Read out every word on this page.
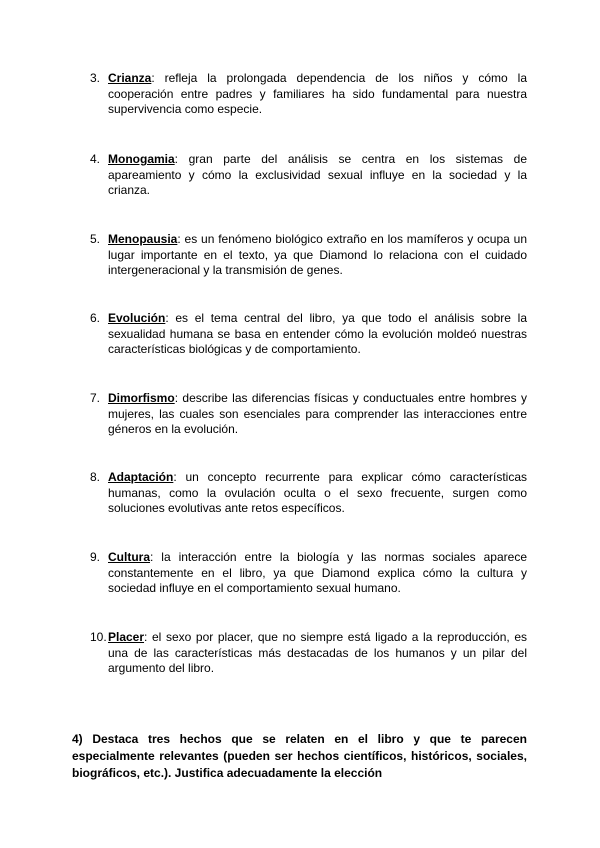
3. Crianza: refleja la prolongada dependencia de los niños y cómo la cooperación entre padres y familiares ha sido fundamental para nuestra supervivencia como especie.
4. Monogamia: gran parte del análisis se centra en los sistemas de apareamiento y cómo la exclusividad sexual influye en la sociedad y la crianza.
5. Menopausia: es un fenómeno biológico extraño en los mamíferos y ocupa un lugar importante en el texto, ya que Diamond lo relaciona con el cuidado intergeneracional y la transmisión de genes.
6. Evolución: es el tema central del libro, ya que todo el análisis sobre la sexualidad humana se basa en entender cómo la evolución moldeó nuestras características biológicas y de comportamiento.
7. Dimorfismo: describe las diferencias físicas y conductuales entre hombres y mujeres, las cuales son esenciales para comprender las interacciones entre géneros en la evolución.
8. Adaptación: un concepto recurrente para explicar cómo características humanas, como la ovulación oculta o el sexo frecuente, surgen como soluciones evolutivas ante retos específicos.
9. Cultura: la interacción entre la biología y las normas sociales aparece constantemente en el libro, ya que Diamond explica cómo la cultura y sociedad influye en el comportamiento sexual humano.
10. Placer: el sexo por placer, que no siempre está ligado a la reproducción, es una de las características más destacadas de los humanos y un pilar del argumento del libro.
4) Destaca tres hechos que se relaten en el libro y que te parecen especialmente relevantes (pueden ser hechos científicos, históricos, sociales, biográficos, etc.). Justifica adecuadamente la elección
